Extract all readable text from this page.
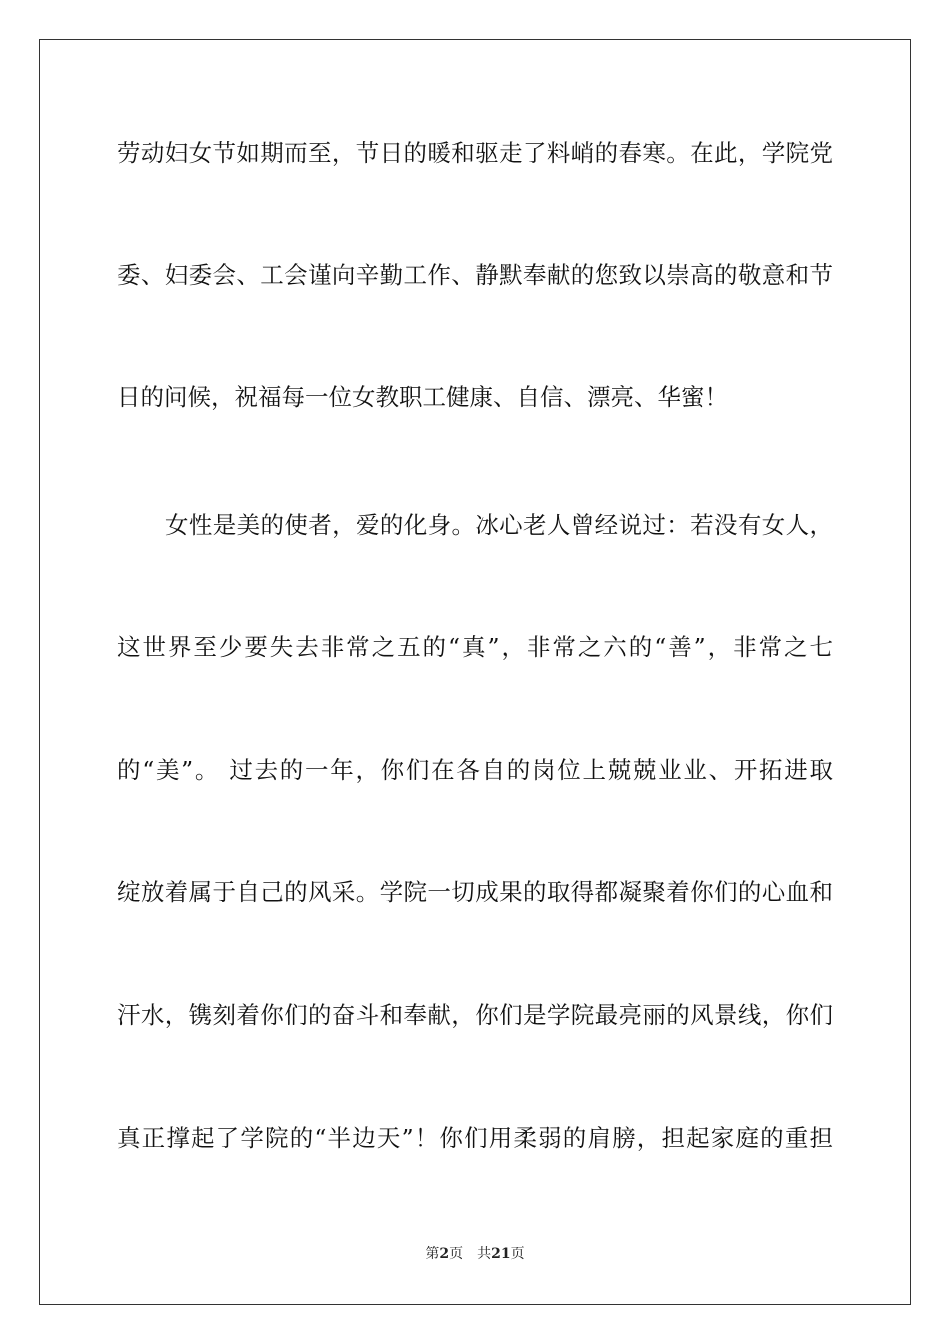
劳动妇女节如期而至，节日的暖和驱走了料峭的春寒。在此，学院党
委、妇委会、工会谨向辛勤工作、静默奉献的您致以崇高的敬意和节
日的问候，祝福每一位女教职工健康、自信、漂亮、华蜜！
女性是美的使者，爱的化身。冰心老人曾经说过：若没有女人，
这世界至少要失去非常之五的“真”，非常之六的“善”，非常之七
的“美”。 过去的一年，你们在各自的岗位上兢兢业业、开拓进取
绽放着属于自己的风采。学院一切成果的取得都凝聚着你们的心血和
汗水，镌刻着你们的奋斗和奉献，你们是学院最亮丽的风景线，你们
真正撑起了学院的“半边天”！你们用柔弱的肩膀，担起家庭的重担
第2页 共21页
